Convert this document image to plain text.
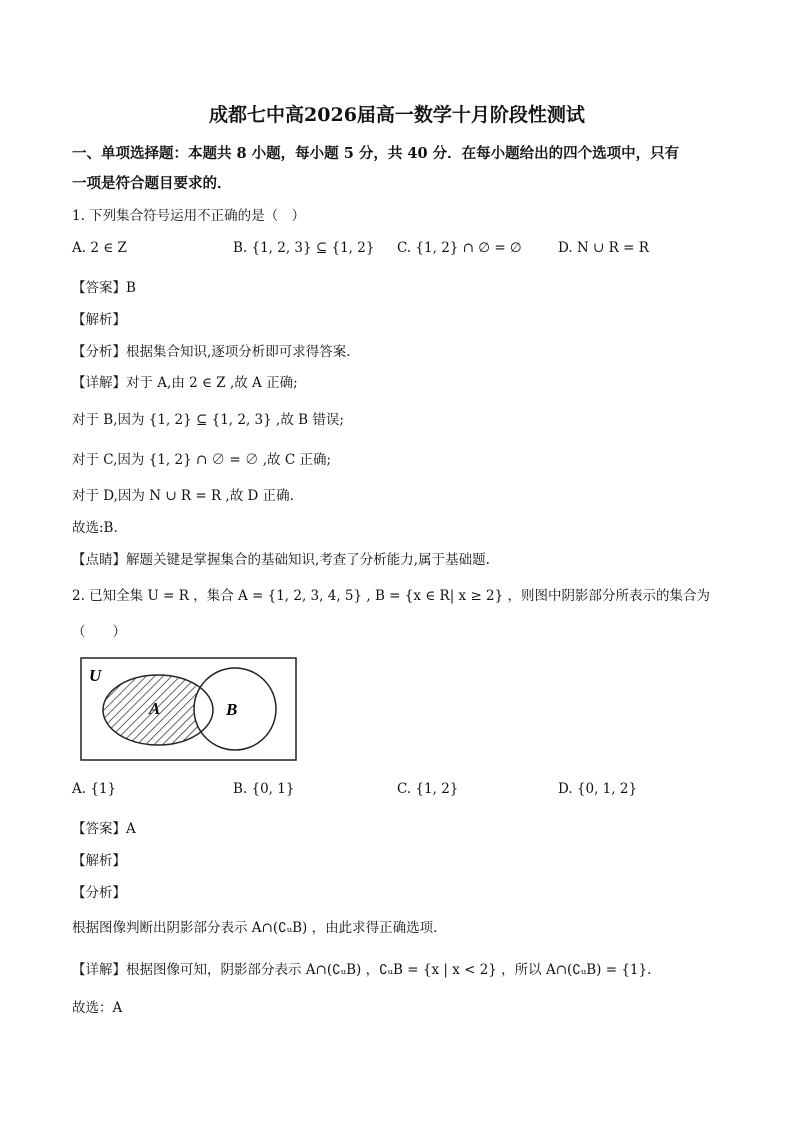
成都七中高2026届高一数学十月阶段性测试
一、单项选择题：本题共 8 小题，每小题 5 分，共 40 分．在每小题给出的四个选项中，只有
一项是符合题目要求的．
1. 下列集合符号运用不正确的是（　）
A. 2 ∈ Z	B. {1, 2, 3} ⊆ {1, 2} C. {1, 2} ∩ ∅ = ∅	D. N ∪ R = R
【答案】B
【解析】
【分析】根据集合知识,逐项分析即可求得答案.
【详解】对于 A,由 2 ∈ Z ,故 A 正确;
对于 B,因为 {1, 2} ⊆ {1, 2, 3} ,故 B 错误;
对于 C,因为 {1, 2} ∩ ∅ = ∅ ,故 C 正确;
对于 D,因为 N ∪ R = R ,故 D 正确.
故选:B.
【点睛】解题关键是掌握集合的基础知识,考查了分析能力,属于基础题.
2. 已知全集 U = R ，集合 A = {1, 2, 3, 4, 5} , B = {x ∈ R| x ≥ 2} ，则图中阴影部分所表示的集合为
（　　）
U
A	B
A. {1}	B. {0, 1}	C. {1, 2}	D. {0, 1, 2}
【答案】A
【解析】
【分析】
根据图像判断出阴影部分表示 A∩(∁ᵤB) ，由此求得正确选项.
【详解】根据图像可知，阴影部分表示 A∩(∁ᵤB) ，∁ᵤB = {x | x < 2} ，所以 A∩(∁ᵤB) = {1}.
故选：A
